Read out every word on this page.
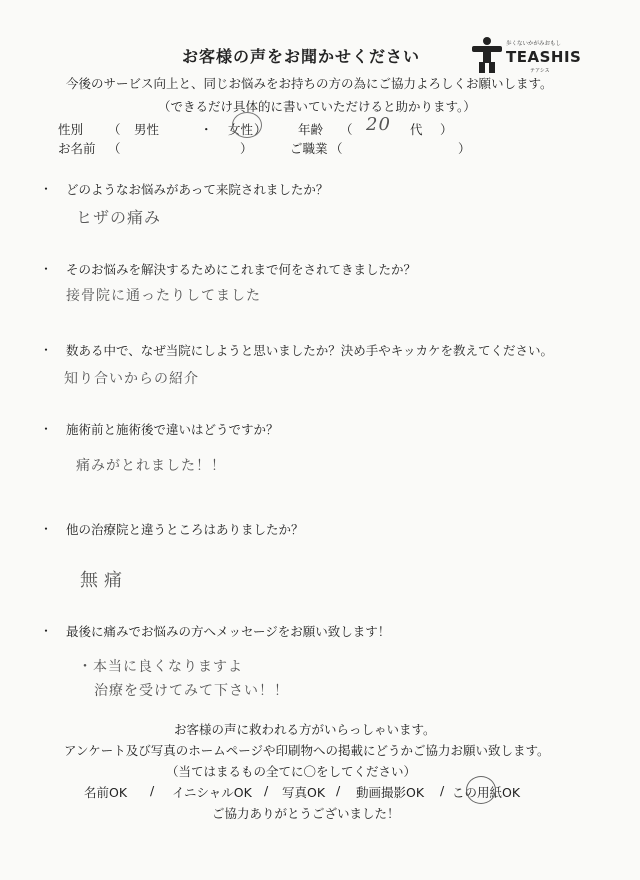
お客様の声をお聞かせください
歩くないかがみおもし
TEASHIS
テアシス
今後のサービス向上と、同じお悩みをお持ちの方の為にご協力よろしくお願いします。
（できるだけ具体的に書いていただけると助かります。）
性別 （ 男性	・ 女性 ）	年齢 （ 20 代 ）
お名前 （	）	ご職業 （	）
・ どのようなお悩みがあって来院されましたか？
ヒザの痛み
・ そのお悩みを解決するためにこれまで何をされてきましたか？
接骨院に通ったりしてました
・ 数ある中で、なぜ当院にしようと思いましたか？決め手やキッカケを教えてください。
知り合いからの紹介
・ 施術前と施術後で違いはどうですか？
痛みがとれました！！
・ 他の治療院と違うところはありましたか？
無痛
・ 最後に痛みでお悩みの方へメッセージをお願い致します！
・本当に良くなりますよ
治療を受けてみて下さい！！
お客様の声に救われる方がいらっしゃいます。
アンケート及び写真のホームページや印刷物への掲載にどうかご協力お願い致します。
（当てはまるもの全てに〇をしてください）
名前OK / イニシャルOK / 写真OK / 動画撮影OK / この用紙OK
ご協力ありがとうございました！
